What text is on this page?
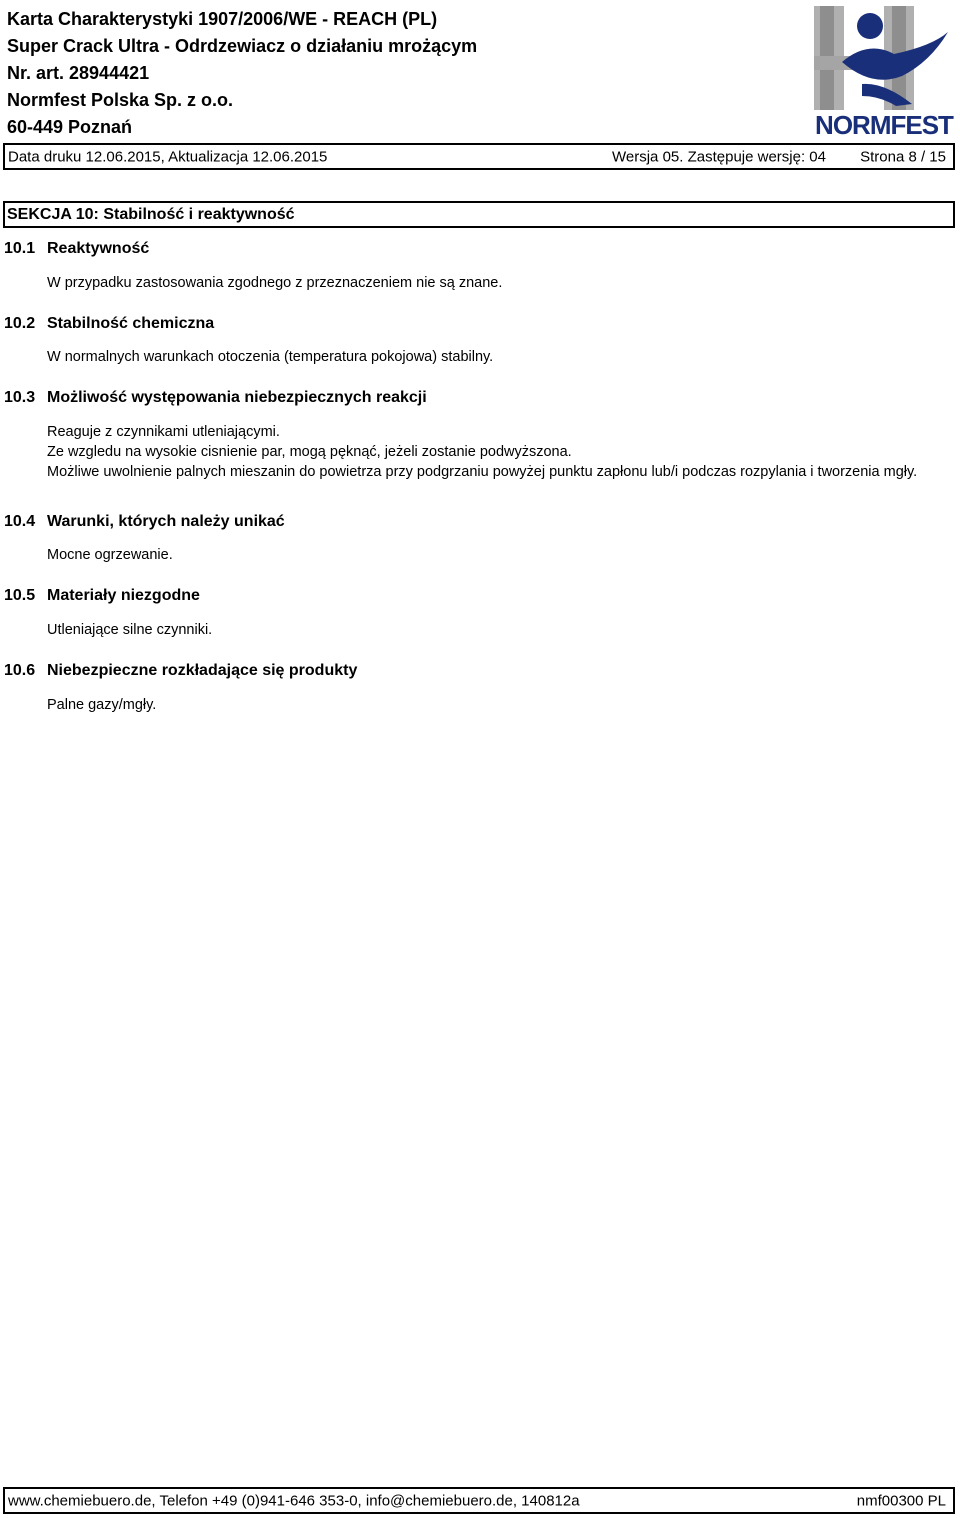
Karta Charakterystyki 1907/2006/WE - REACH (PL)
Super Crack Ultra - Odrdzewiacz o działaniu mrożącym
Nr. art. 28944421
Normfest Polska Sp. z o.o.
60-449 Poznań	NORMFEST
Data druku 12.06.2015, Aktualizacja 12.06.2015	Wersja 05. Zastępuje wersję: 04 Strona 8 / 15
SEKCJA 10: Stabilność i reaktywność
10.1 Reaktywność
W przypadku zastosowania zgodnego z przeznaczeniem nie są znane.
10.2 Stabilność chemiczna
W normalnych warunkach otoczenia (temperatura pokojowa) stabilny.
10.3 Możliwość występowania niebezpiecznych reakcji
Reaguje z czynnikami utleniającymi.
Ze wzgledu na wysokie cisnienie par, mogą pęknąć, jeżeli zostanie podwyższona.
Możliwe uwolnienie palnych mieszanin do powietrza przy podgrzaniu powyżej punktu zapłonu lub/i podczas rozpylania i tworzenia mgły.
10.4 Warunki, których należy unikać
Mocne ogrzewanie.
10.5 Materiały niezgodne
Utleniające silne czynniki.
10.6 Niebezpieczne rozkładające się produkty
Palne gazy/mgły.
www.chemiebuero.de, Telefon +49 (0)941-646 353-0, info@chemiebuero.de, 140812a	nmf00300 PL
